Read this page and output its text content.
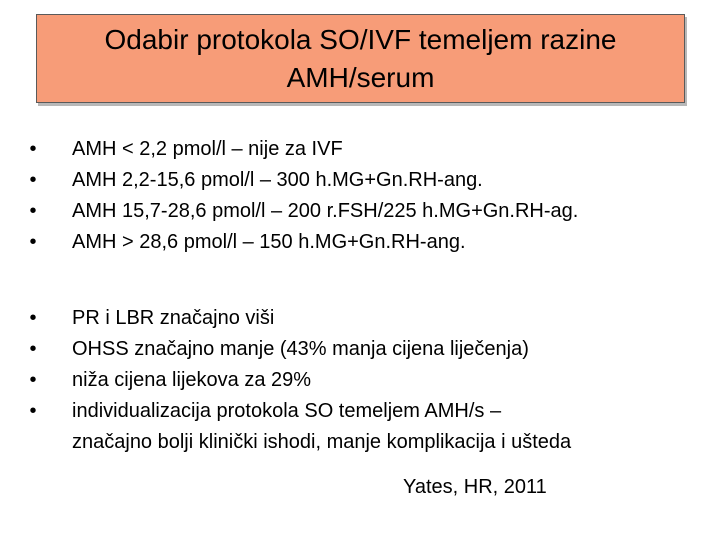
Odabir protokola SO/IVF temeljem razine
AMH/serum
• AMH < 2,2 pmol/l – nije za IVF
• AMH 2,2-15,6 pmol/l – 300 h.MG+Gn.RH-ang.
• AMH 15,7-28,6 pmol/l – 200 r.FSH/225 h.MG+Gn.RH-ag.
• AMH > 28,6 pmol/l – 150 h.MG+Gn.RH-ang.
• PR i LBR značajno viši
• OHSS značajno manje (43% manja cijena liječenja)
• niža cijena lijekova za 29%
• individualizacija protokola SO temeljem AMH/s –
značajno bolji klinički ishodi, manje komplikacija i ušteda
Yates, HR, 2011
